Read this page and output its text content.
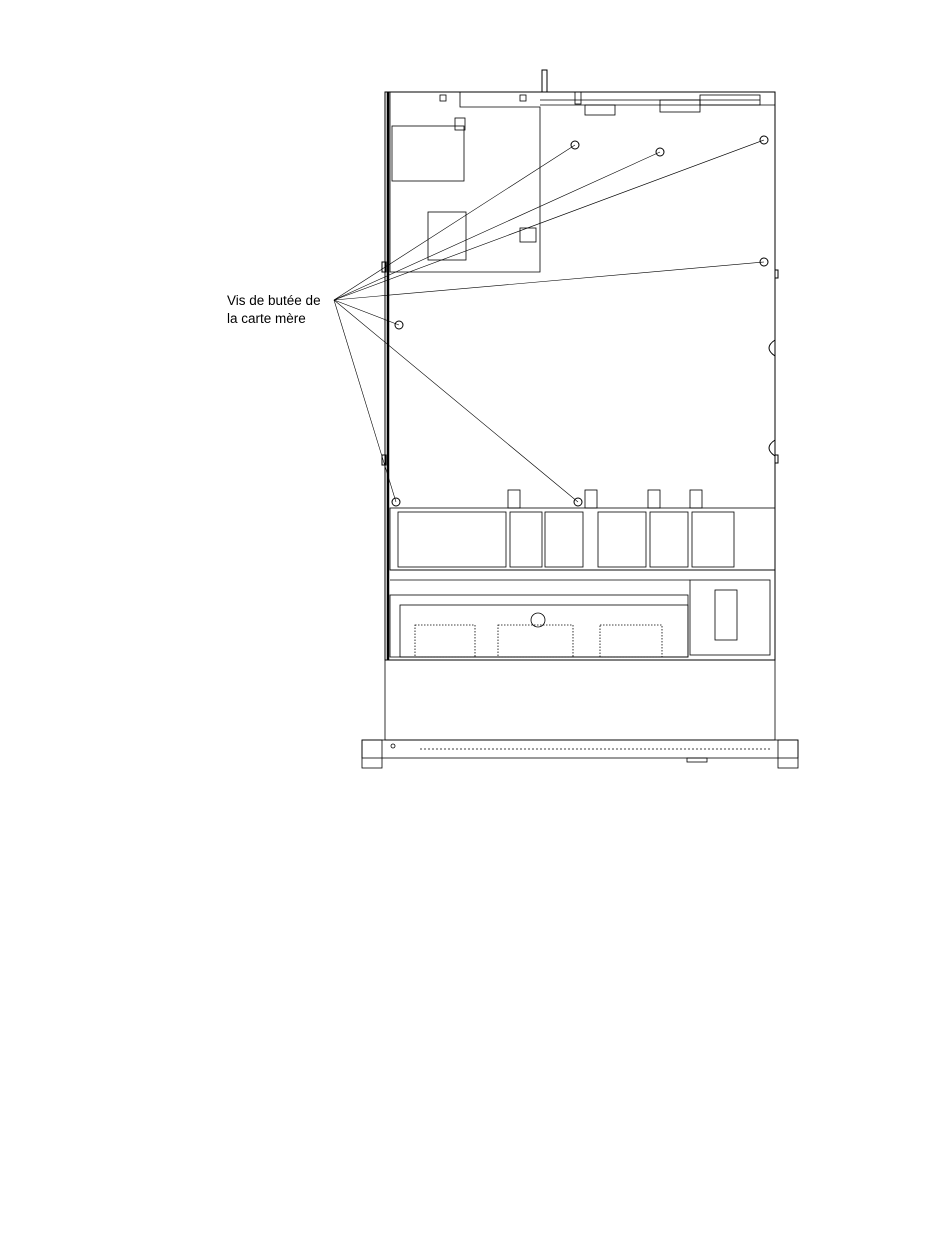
Vis de butée de
la carte mère
